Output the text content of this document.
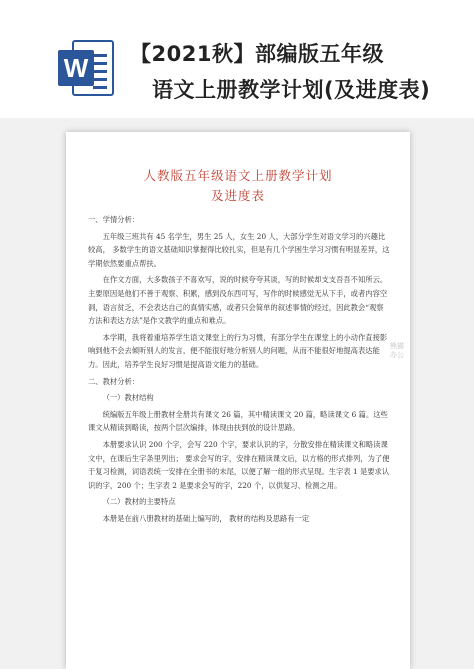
W 【2021秋】部编版五年级
语文上册教学计划(及进度表)
人教版五年级语文上册教学计划
及进度表

一、学情分析：

五年级三班共有 45 名学生，男生 25 人，女生 20 人，大部分学生对语文学习的兴趣比较高， 多数学生的语文基础知识掌握得比较扎实，但是有几个学困生学习习惯有明显差异，这学期依然要重点帮扶。

在作文方面，大多数孩子不喜欢写，说的时候夸夸其谈，写的时候却支支吾吾不知所云。主要原因是他们不善于观察、积累，感到没东西可写，写作的时候感觉无从下手，或者内容空洞，语言贫乏，不会表达自己的真情实感，或者只会简单的叙述事情的经过，因此教会“观察方法和表达方法”是作文教学的重点和难点。

本学期，我将着重培养学生语文课堂上的行为习惯，有部分学生在课堂上的小动作直接影响到他不会去倾听别人的发言，便不能很好地分析别人的问题，从而不能很好地提高表达能力。因此，培养学生良好习惯是提高语文能力的基础。

二、教材分析：

（一）教材结构

统编版五年级上册教材全册共有课文 26 篇，其中精读课文 20 篇，略读课文 6 篇。这些课文从精读到略读，按两个层次编排，体现由扶到放的设计思路。

本册要求认识 200 个字，会写 220 个字，要求认识的字，分散安排在精读课文和略读课文中，在课后生字条里列出； 要求会写的字，安排在精读课文后，以方格的形式排列，为了便于复习检测，词语表统一安排在全册书的未尾，以便了解一组的形式呈现。生字表 1 是要求认识的字，200 个；生字表 2 是要求会写的字，220 个，以供复习、检测之用。

（二）教材的主要特点

本册是在前八册教材的基础上编写的， 教材的结构及思路有一定

熊猫办公
